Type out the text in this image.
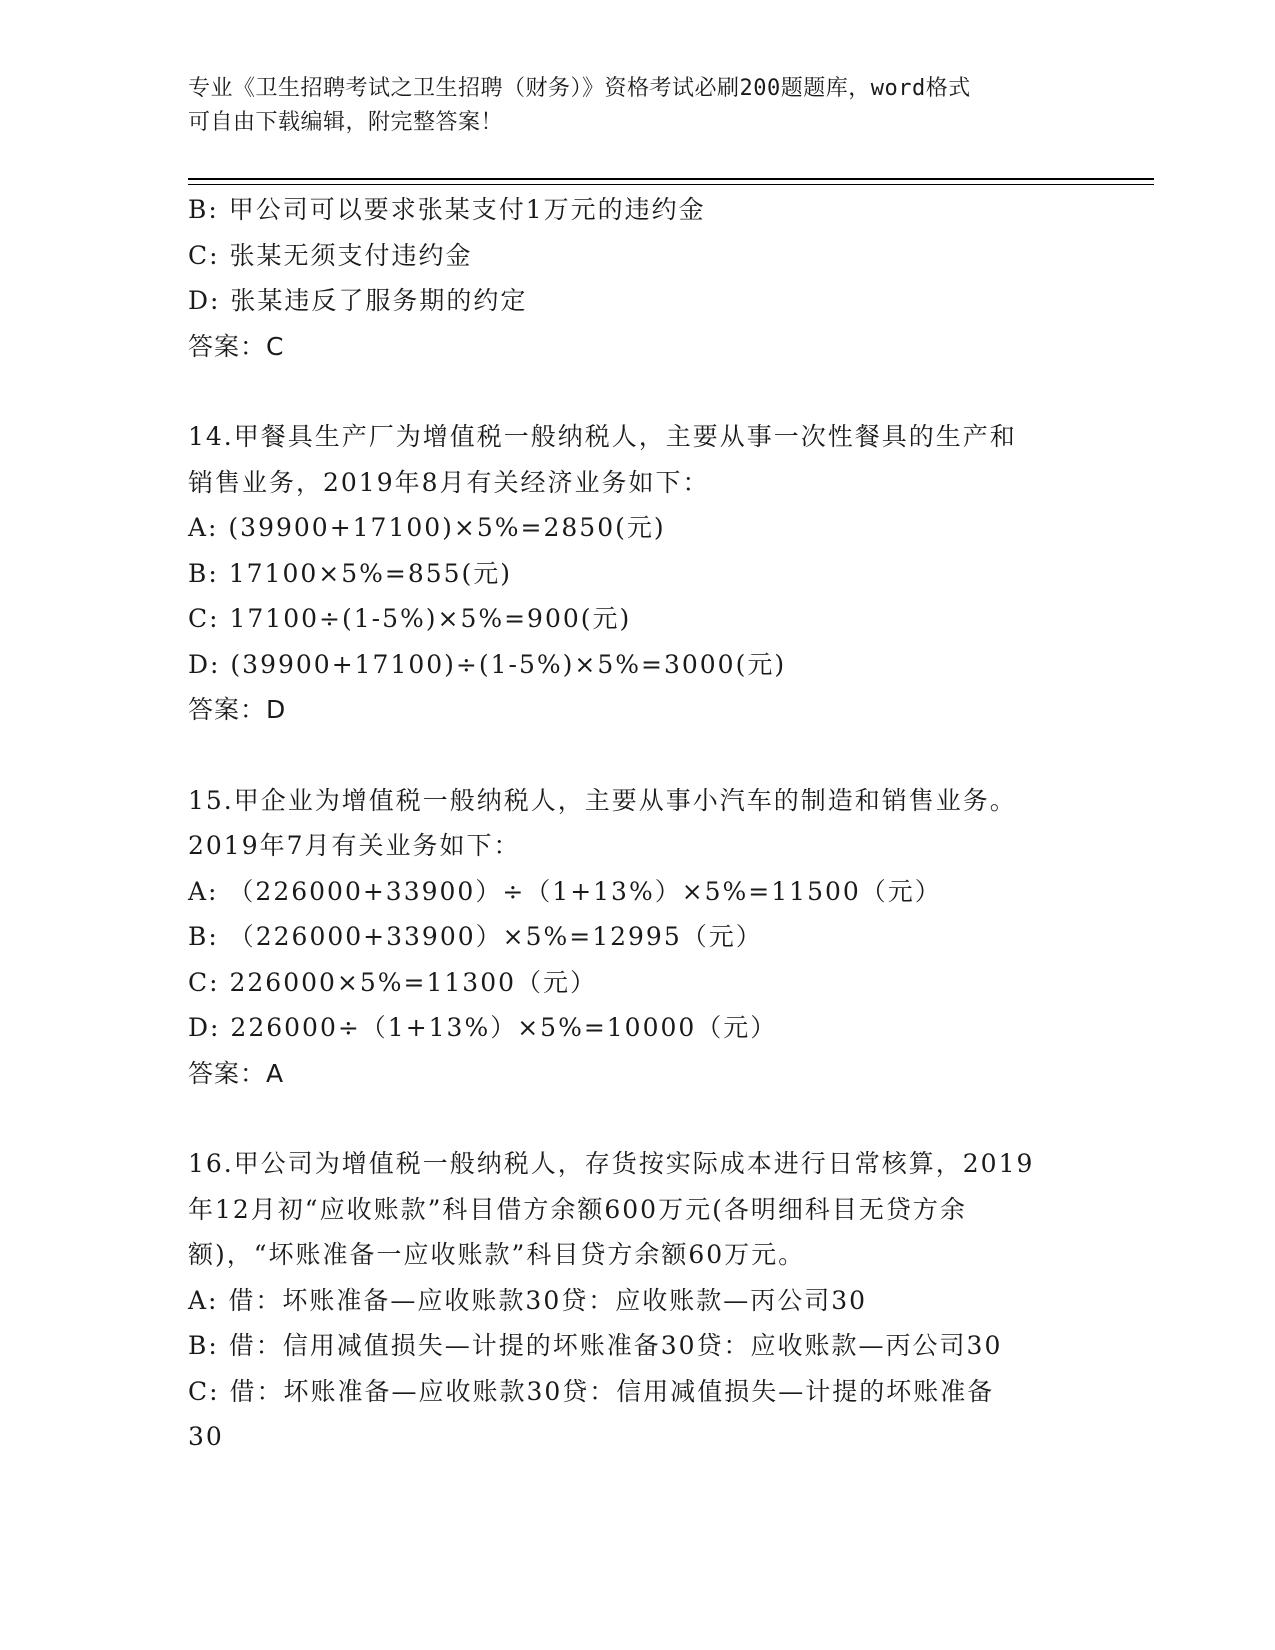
专业《卫生招聘考试之卫生招聘（财务）》资格考试必刷200题题库，word格式
可自由下载编辑，附完整答案！
B: 甲公司可以要求张某支付1万元的违约金
C: 张某无须支付违约金
D: 张某违反了服务期的约定
答案：C
14.甲餐具生产厂为增值税一般纳税人，主要从事一次性餐具的生产和
销售业务，2019年8月有关经济业务如下：
A: (39900+17100)×5%=2850(元)
B: 17100×5%=855(元)
C: 17100÷(1-5%)×5%=900(元)
D: (39900+17100)÷(1-5%)×5%=3000(元)
答案：D
15.甲企业为增值税一般纳税人，主要从事小汽车的制造和销售业务。
2019年7月有关业务如下：
A: （226000+33900）÷（1+13%）×5%=11500（元）
B: （226000+33900）×5%=12995（元）
C: 226000×5%=11300（元）
D: 226000÷（1+13%）×5%=10000（元）
答案：A
16.甲公司为增值税一般纳税人，存货按实际成本进行日常核算，2019
年12月初“应收账款”科目借方余额600万元(各明细科目无贷方余
额)，“坏账准备一应收账款”科目贷方余额60万元。
A: 借：坏账准备—应收账款30贷：应收账款—丙公司30
B: 借：信用减值损失—计提的坏账准备30贷：应收账款—丙公司30
C: 借：坏账准备—应收账款30贷：信用减值损失—计提的坏账准备
30
